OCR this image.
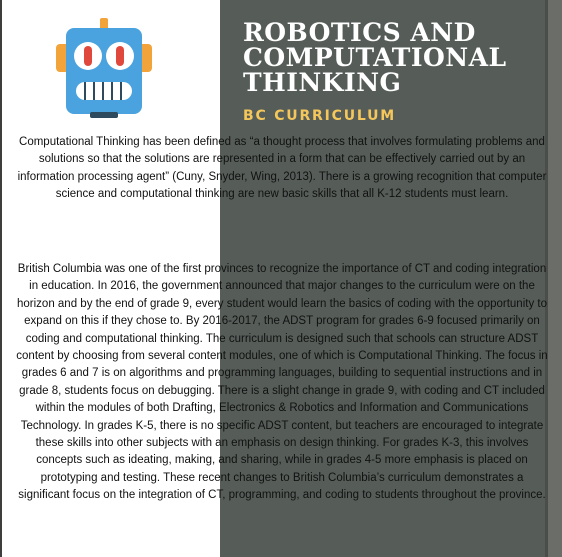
ROBOTICS AND
COMPUTATIONAL
THINKING

BC CURRICULUM

Computational Thinking has been defined as “a thought process that involves formulating problems and solutions so that the solutions are represented in a form that can be effectively carried out by an information processing agent” (Cuny, Snyder, Wing, 2013). There is a growing recognition that computer science and computational thinking are new basic skills that all K-12 students must learn.

British Columbia was one of the first provinces to recognize the importance of CT and coding integration in education. In 2016, the government announced that major changes to the curriculum were on the horizon and by the end of grade 9, every student would learn the basics of coding with the opportunity to expand on this if they chose to. By 2016-2017, the ADST program for grades 6-9 focused primarily on coding and computational thinking. The curriculum is designed such that schools can structure ADST content by choosing from several content modules, one of which is Computational Thinking. The focus in grades 6 and 7 is on algorithms and programming languages, building to sequential instructions and in grade 8, students focus on debugging. There is a slight change in grade 9, with coding and CT included within the modules of both Drafting, Electronics & Robotics and Information and Communications Technology. In grades K-5, there is no specific ADST content, but teachers are encouraged to integrate these skills into other subjects with an emphasis on design thinking. For grades K-3, this involves concepts such as ideating, making, and sharing, while in grades 4-5 more emphasis is placed on prototyping and testing. These recent changes to British Columbia’s curriculum demonstrates a significant focus on the integration of CT, programming, and coding to students throughout the province.
